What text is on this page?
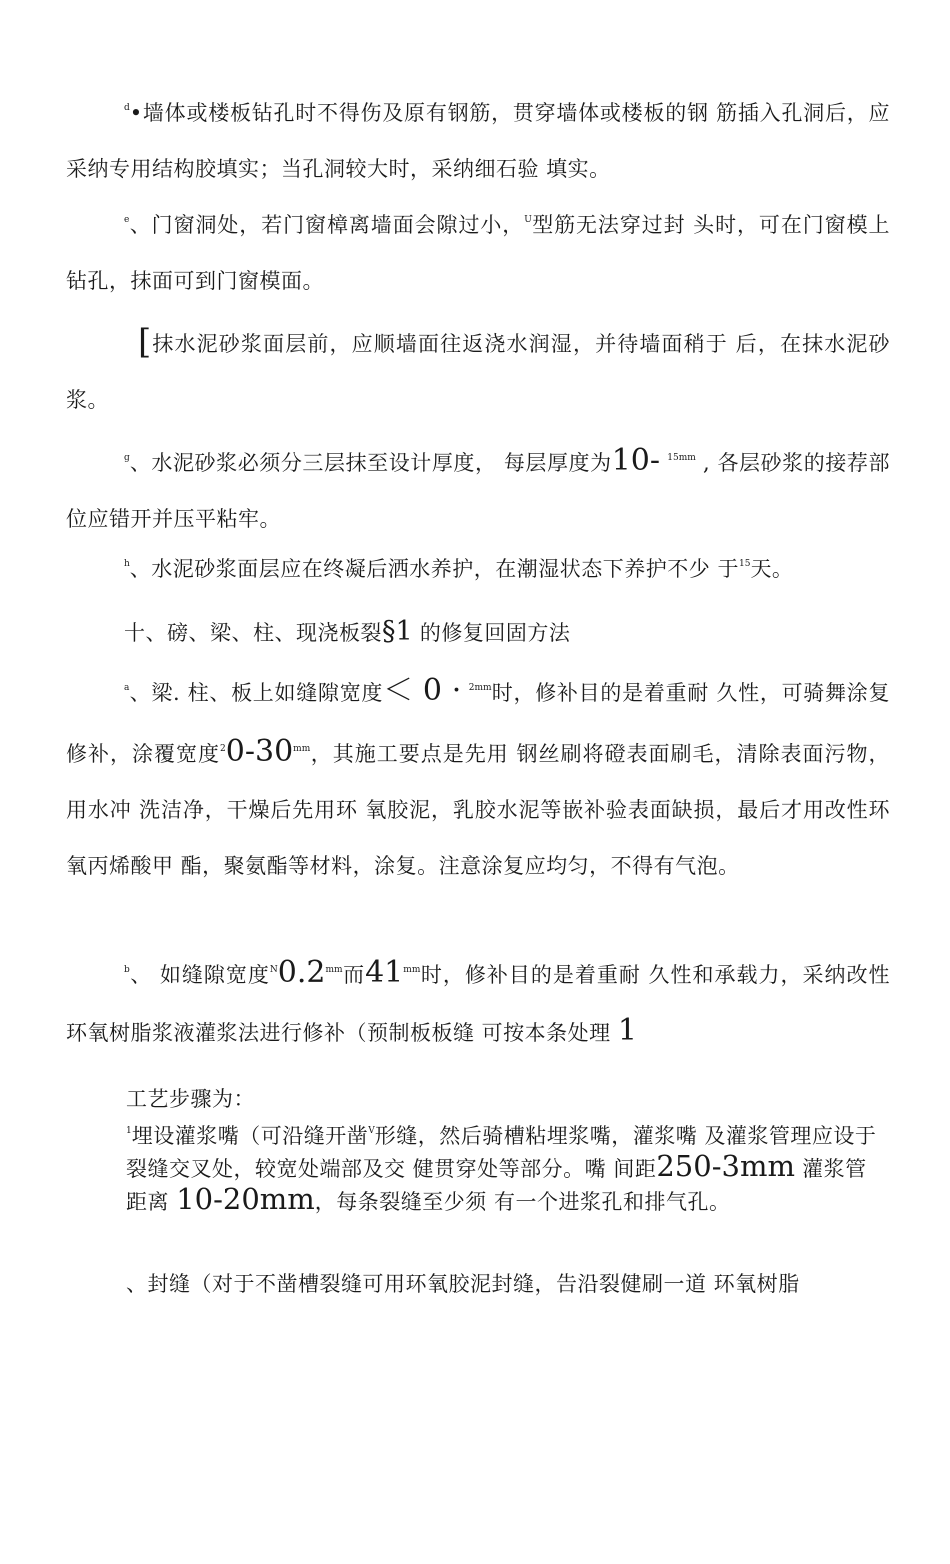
$^d$•墙体或楼板钻孔时不得伤及原有钢筋，贯穿墙体或楼板的钢 筋插入孔洞后，应采纳专用结构胶填实；当孔洞较大时，采纳细石验 填实。

$^e$、门窗洞处，若门窗樟离墙面会隙过小，$^U$型筋无法穿过封 头时，可在门窗模上钻孔，抹面可到门窗模面。

[抹水泥砂浆面层前，应顺墙面往返浇水润湿，并待墙面稍于 后，在抹水泥砂浆。

$^g$、水泥砂浆必须分三层抹至设计厚度， 每层厚度为10- $^{15mm}$ , 各层砂浆的接荐部位应错开并压平粘牢。

$^h$、水泥砂浆面层应在终凝后洒水养护，在潮湿状态下养护不少 于$^{15}$天。

十、磅、梁、柱、现浇板裂§1 的修复回固方法

$^a$、梁. 柱、板上如缝隙宽度＜ 0 · $^{2mm}$时，修补目的是着重耐 久性，可骑舞涂复修补，涂覆宽度$^20-30^{mm}$，其施工要点是先用 钢丝刷将磴表面刷毛，清除表面污物，用水冲 洗洁净，干燥后先用环 氧胶泥，乳胶水泥等嵌补验表面缺损，最后才用改性环氧丙烯酸甲 酯，聚氨酯等材料，涂复。注意涂复应均匀，不得有气泡。

$^b$、 如缝隙宽度$^N0.2^{mm}$而$41^{mm}$时，修补目的是着重耐 久性和承载力，采纳改性环氧树脂浆液灌浆法进行修补（预制板板缝 可按本条处理 1

工艺步骤为：

$^1$埋设灌浆嘴（可沿缝开凿$^V$形缝，然后骑槽粘埋浆嘴，灌浆嘴 及灌浆管理应设于裂缝交叉处，较宽处端部及交 健贯穿处等部分。嘴 间距250-3mm 灌浆管距离 10-20mm，每条裂缝至少须 有一个进浆孔和排气孔。

、封缝（对于不凿槽裂缝可用环氧胶泥封缝，告沿裂健刷一道 环氧树脂
